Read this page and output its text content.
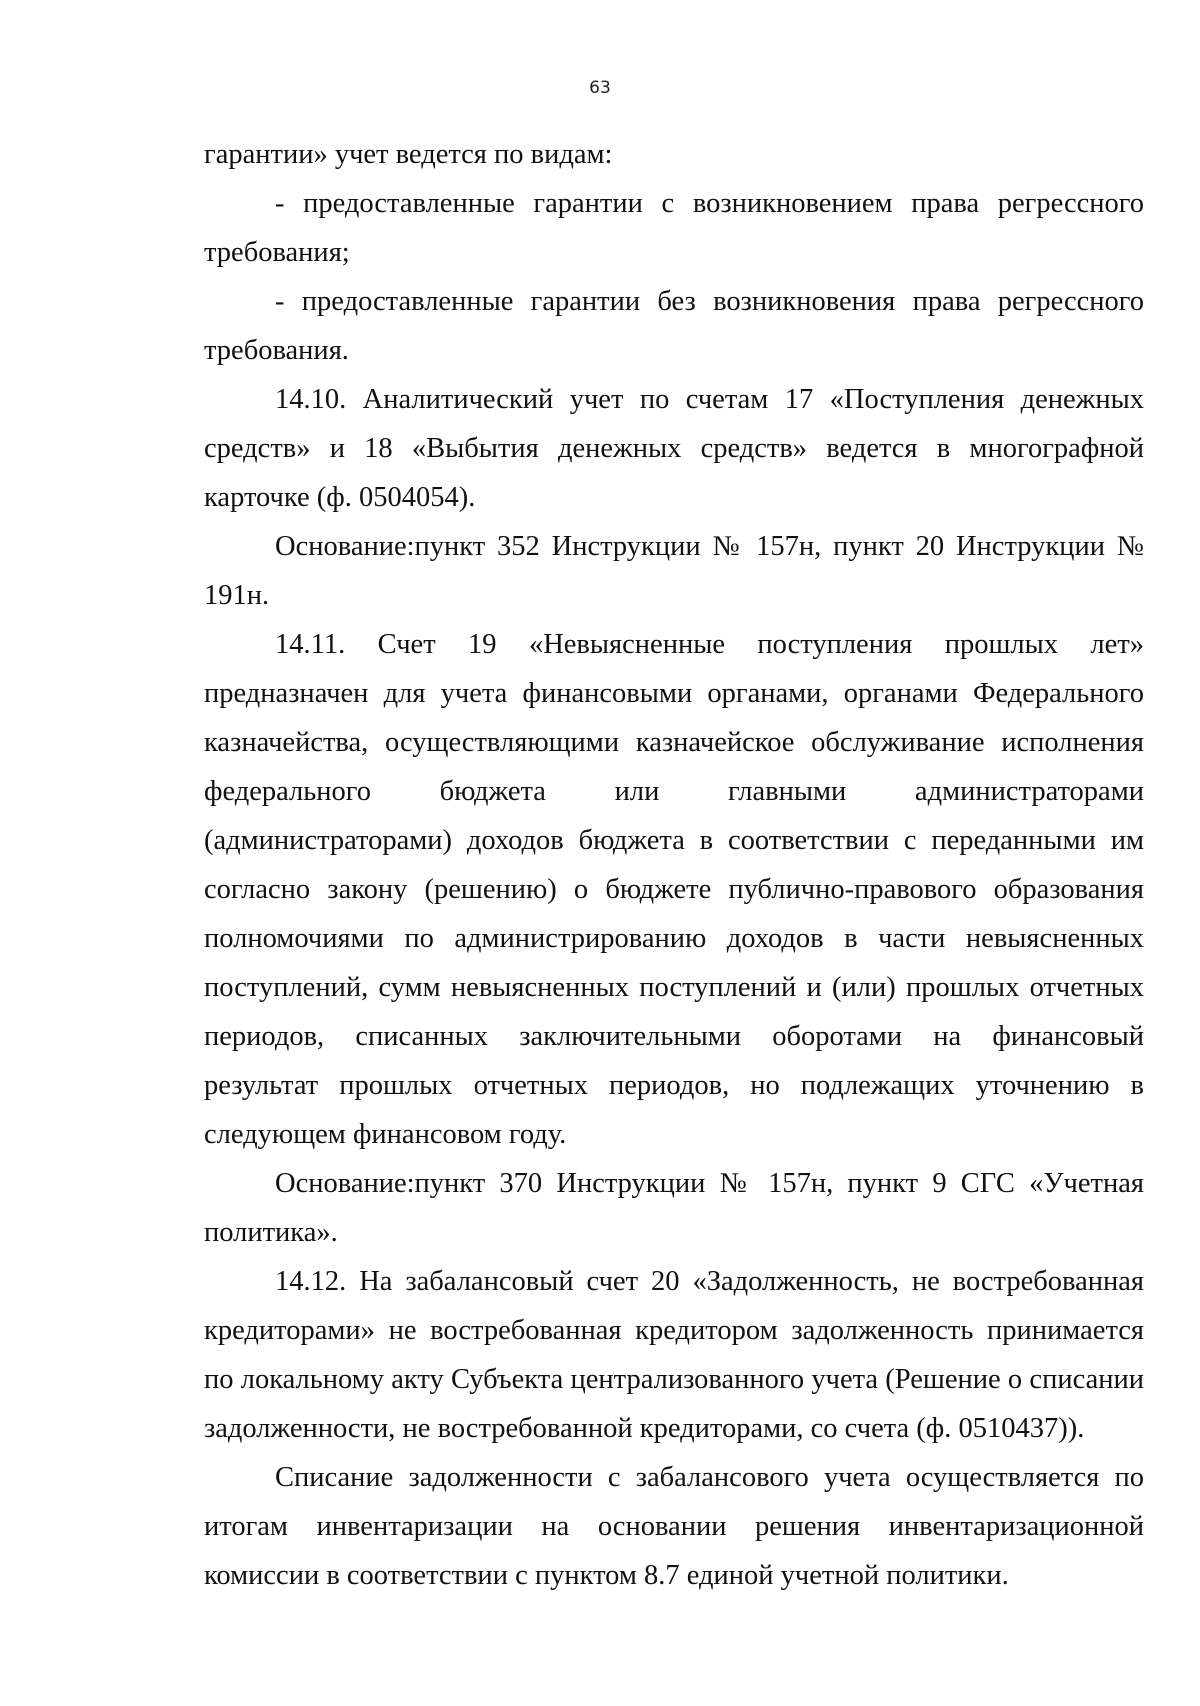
63

гарантии» учет ведется по видам:

- предоставленные гарантии с возникновением права регрессного требования;

- предоставленные гарантии без возникновения права регрессного требования.

14.10. Аналитический учет по счетам 17 «Поступления денежных средств» и 18 «Выбытия денежных средств» ведется в многографной карточке (ф. 0504054).

Основание:пункт 352 Инструкции № 157н, пункт 20 Инструкции № 191н.

14.11. Счет 19 «Невыясненные поступления прошлых лет» предназначен для учета финансовыми органами, органами Федерального казначейства, осуществляющими казначейское обслуживание исполнения федерального бюджета или главными администраторами (администраторами) доходов бюджета в соответствии с переданными им согласно закону (решению) о бюджете публично-правового образования полномочиями по администрированию доходов в части невыясненных поступлений, сумм невыясненных поступлений и (или) прошлых отчетных периодов, списанных заключительными оборотами на финансовый результат прошлых отчетных периодов, но подлежащих уточнению в следующем финансовом году.

Основание:пункт 370 Инструкции № 157н, пункт 9 СГС «Учетная политика».

14.12. На забалансовый счет 20 «Задолженность, не востребованная кредиторами» не востребованная кредитором задолженность принимается по локальному акту Субъекта централизованного учета (Решение о списании задолженности, не востребованной кредиторами, со счета (ф. 0510437)).

Списание задолженности с забалансового учета осуществляется по итогам инвентаризации на основании решения инвентаризационной комиссии в соответствии с пунктом 8.7 единой учетной политики.
